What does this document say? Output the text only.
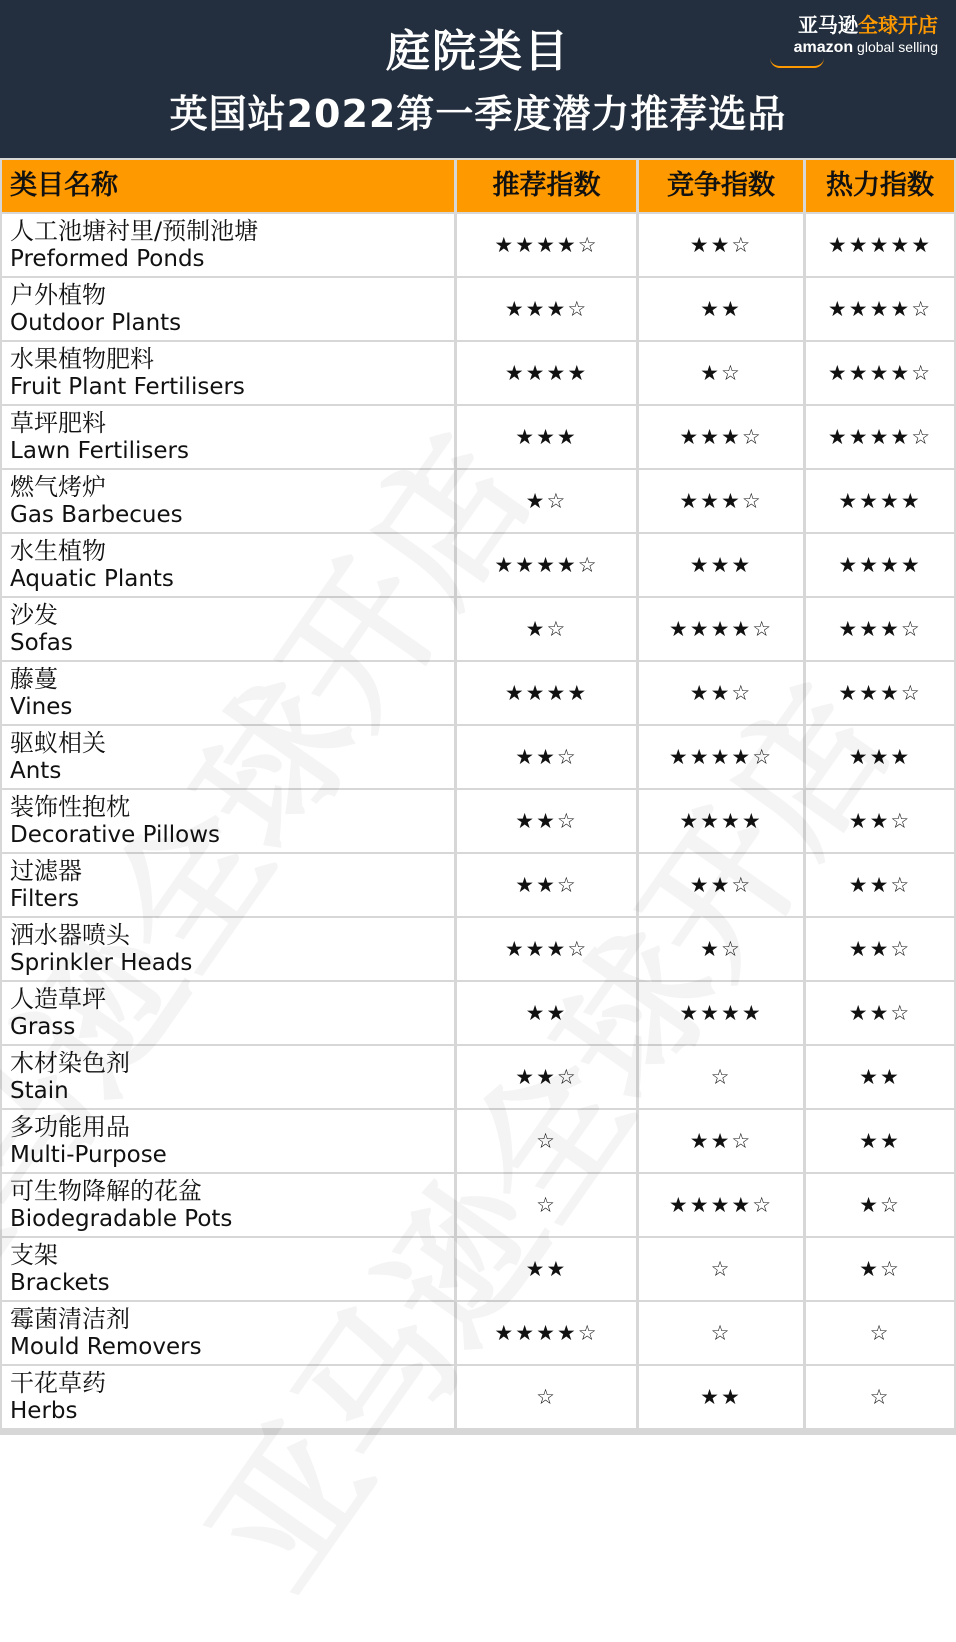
庭院类目
英国站2022第一季度潜力推荐选品
亚马逊全球开店
amazon global selling
类目名称	推荐指数	竞争指数	热力指数
人工池塘衬里/预制池塘
Preformed Ponds
★★★★☆	★★☆	★★★★★
户外植物
Outdoor Plants
★★★☆	★★	★★★★☆
水果植物肥料
Fruit Plant Fertilisers
★★★★	★☆	★★★★☆
草坪肥料
Lawn Fertilisers
★★★	★★★☆	★★★★☆
燃气烤炉
Gas Barbecues
★☆	★★★☆	★★★★
水生植物
Aquatic Plants
★★★★☆	★★★	★★★★
沙发
Sofas
★☆	★★★★☆	★★★☆
藤蔓
Vines
★★★★	★★☆	★★★☆
驱蚁相关
Ants
★★☆	★★★★☆	★★★
装饰性抱枕
Decorative Pillows
★★☆	★★★★	★★☆
过滤器
Filters
★★☆	★★☆	★★☆
洒水器喷头
Sprinkler Heads
★★★☆	★☆	★★☆
人造草坪
Grass
★★	★★★★	★★☆
木材染色剂
Stain
★★☆	☆	★★
多功能用品
Multi-Purpose
☆	★★☆	★★
可生物降解的花盆
Biodegradable Pots
☆	★★★★☆	★☆
支架
Brackets
★★	☆	★☆
霉菌清洁剂
Mould Removers
★★★★☆	☆	☆
干花草药
Herbs
☆	★★	☆
